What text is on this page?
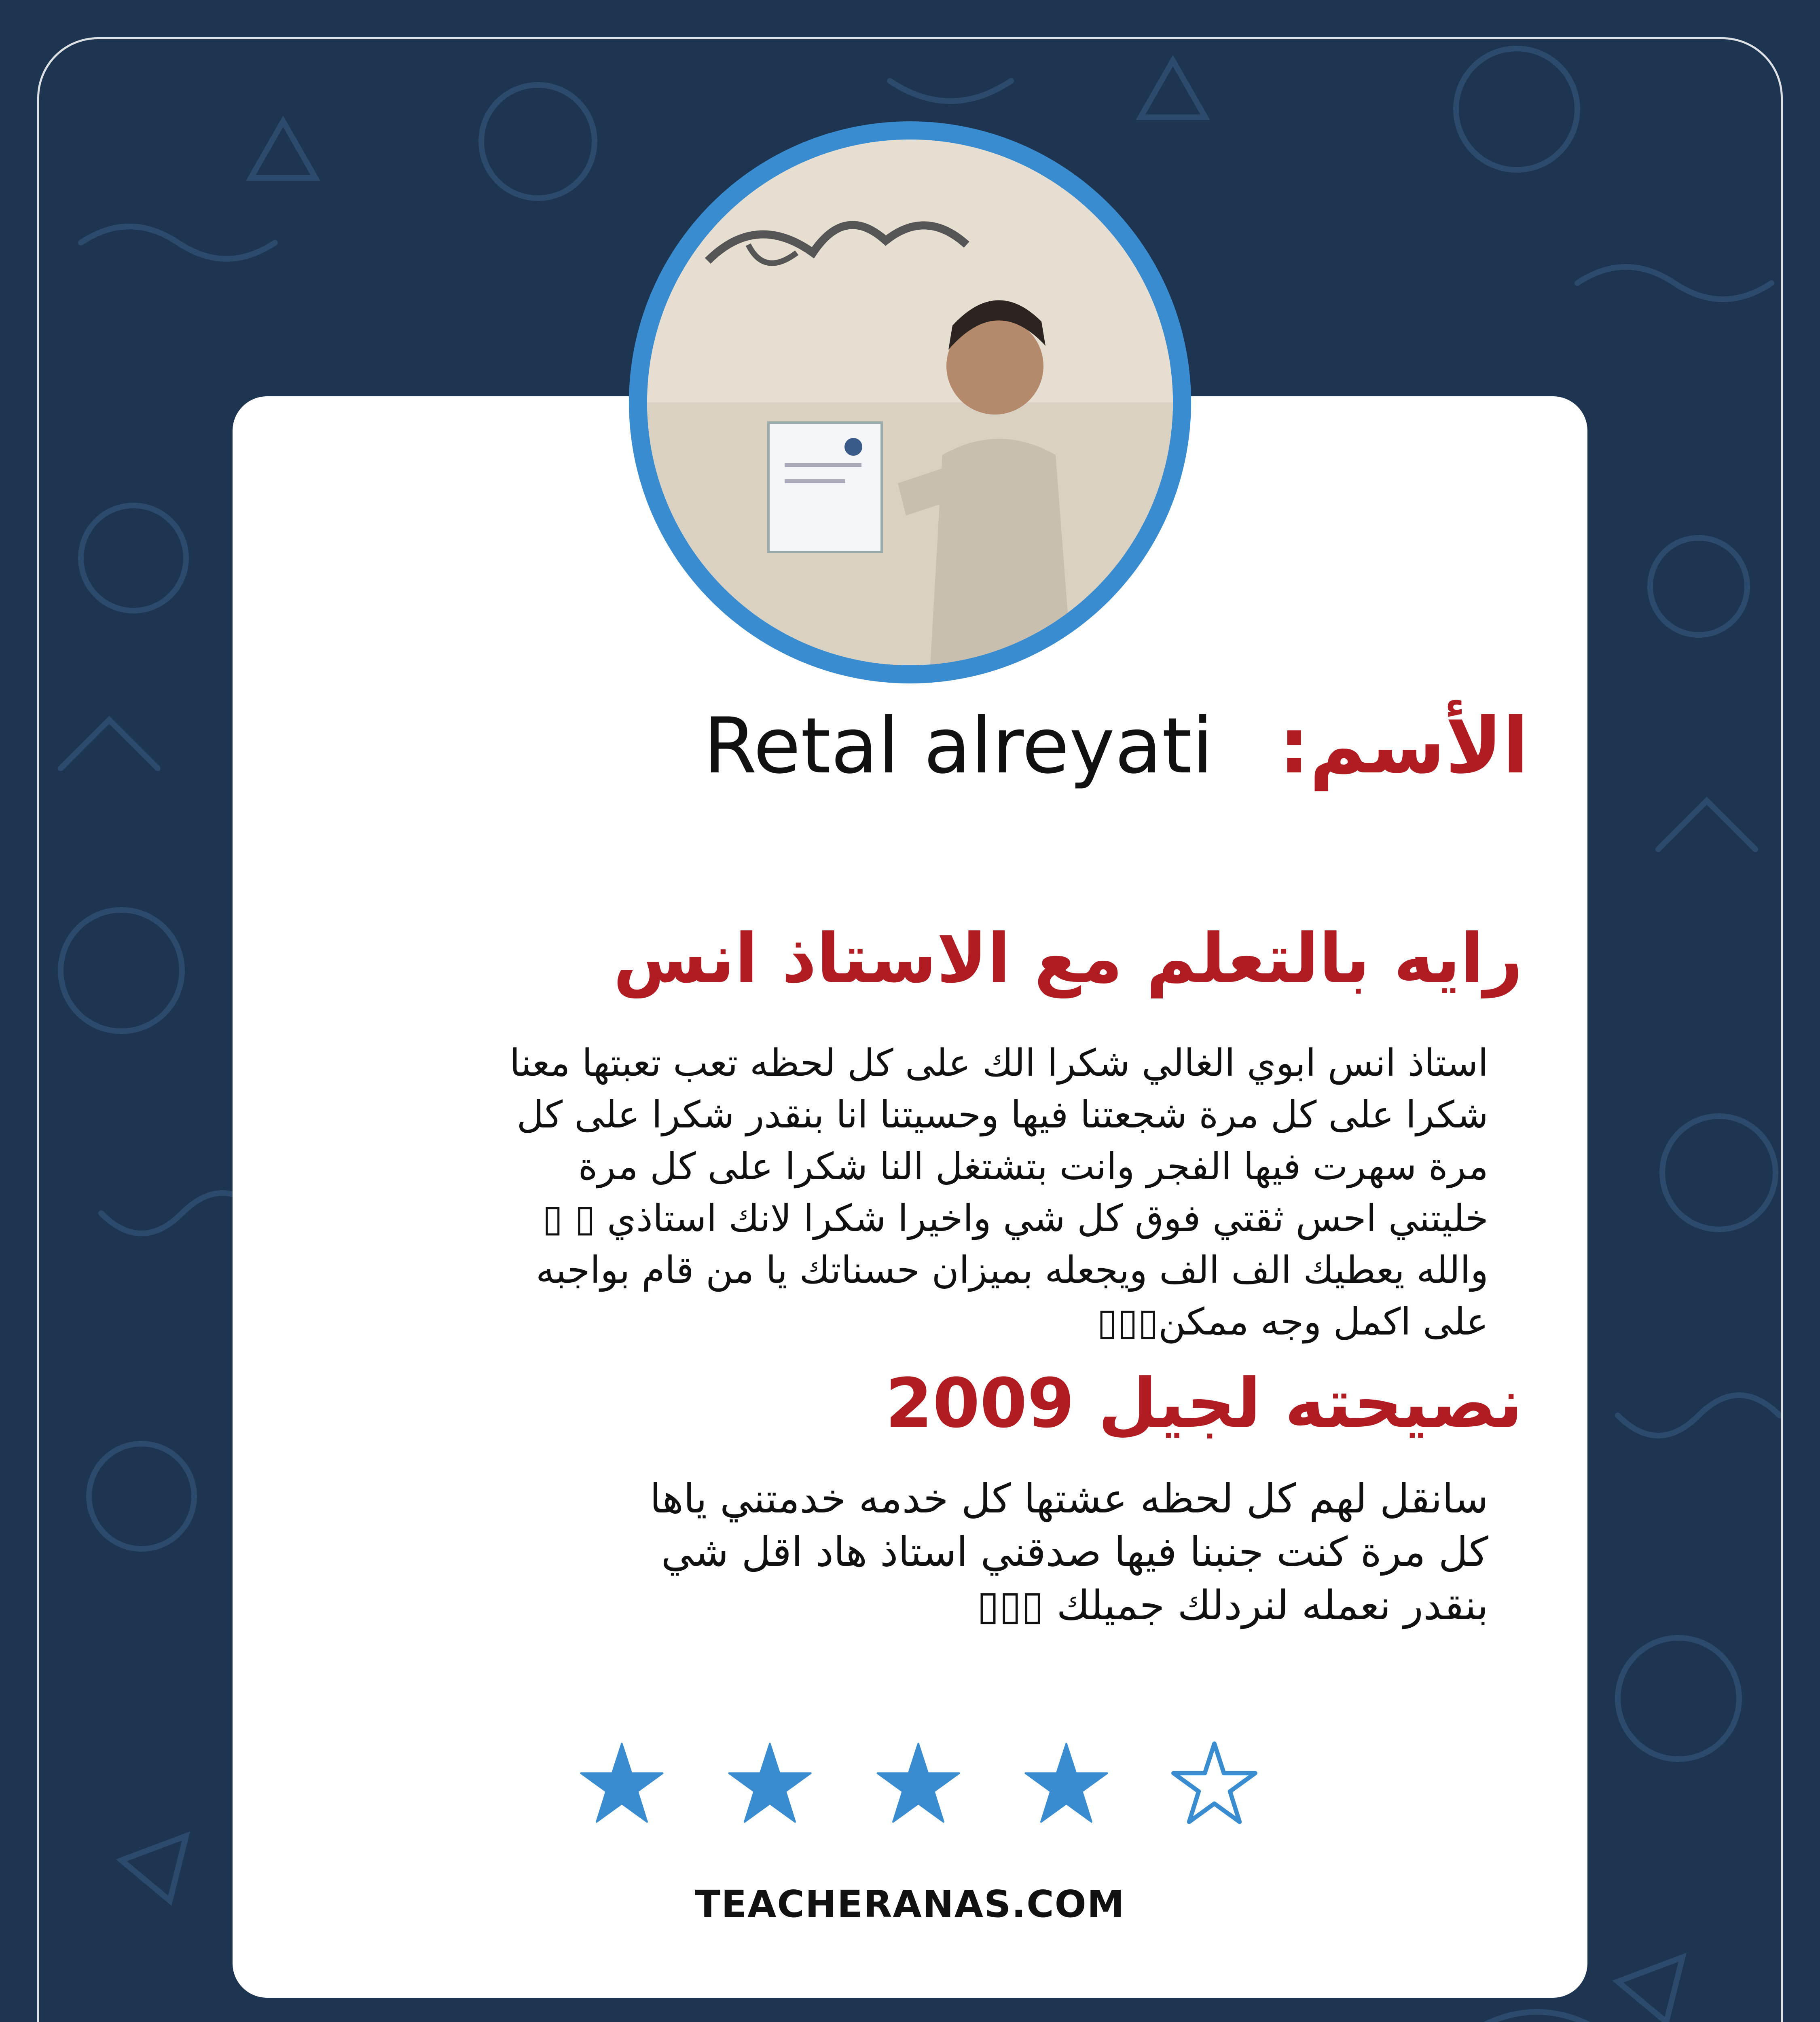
الأسم:
Retal alreyati
رايه بالتعلم مع الاستاذ انس
استاذ انس ابوي الغالي شكرا الك على كل لحظه تعب تعبتها معنا
شكرا على كل مرة شجعتنا فيها وحسيتنا انا بنقدر شكرا على كل
مرة سهرت فيها الفجر وانت بتشتغل النا شكرا على كل مرة
خليتني احس ثقتي فوق كل شي واخيرا شكرا لانك استاذي ▯ ▯
والله يعطيك الف الف ويجعله بميزان حسناتك يا من قام بواجبه
على اكمل وجه ممكن▯▯▯
نصيحته لجيل 2009
سانقل لهم كل لحظه عشتها كل خدمه خدمتني ياها
كل مرة كنت جنبنا فيها صدقني استاذ هاد اقل شي
بنقدر نعمله لنردلك جميلك ▯▯▯
TEACHERANAS.COM
